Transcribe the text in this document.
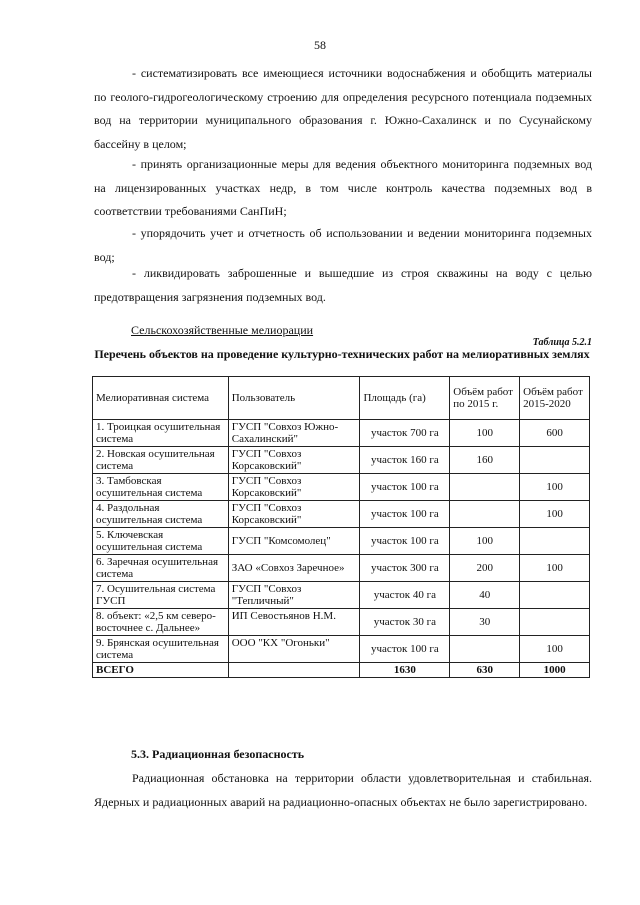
58

- систематизировать все имеющиеся источники водоснабжения и обобщить материалы по геолого-гидрогеологическому строению для определения ресурсного потенциала подземных вод на территории муниципального образования г. Южно-Сахалинск и по Сусунайскому бассейну в целом;

- принять организационные меры для ведения объектного мониторинга подземных вод на лицензированных участках недр, в том числе контроль качества подземных вод в соответствии требованиями СанПиН;

- упорядочить учет и отчетность об использовании и ведении мониторинга подземных вод;

- ликвидировать заброшенные и вышедшие из строя скважины на воду с целью предотвращения загрязнения подземных вод.

Сельскохозяйственные мелиорации

Таблица 5.2.1

Перечень объектов на проведение культурно-технических работ на мелиоративных землях

Мелиоративная система	Пользователь	Площадь (га)	Объём работ по 2015 г.	Объём работ 2015-2020
1. Троицкая осушительная система	ГУСП "Совхоз Южно-Сахалинский"	участок 700 га	100	600
2. Новская осушительная система	ГУСП "Совхоз Корсаковский"	участок 160 га	160	
3. Тамбовская осушительная система	ГУСП "Совхоз Корсаковский"	участок 100 га		100
4. Раздольная осушительная система	ГУСП "Совхоз Корсаковский"	участок 100 га		100
5. Ключевская осушительная система	ГУСП "Комсомолец"	участок 100 га	100	
6. Заречная осушительная система	ЗАО «Совхоз Заречное»	участок 300 га	200	100
7. Осушительная система ГУСП	ГУСП "Совхоз "Тепличный"	участок 40 га	40	
8. объект: «2,5 км северо-восточнее с. Дальнее»	ИП Севостьянов Н.М.	участок 30 га	30	
9. Брянская осушительная система	ООО "КХ "Огоньки"	участок 100 га		100
ВСЕГО		1630	630	1000

5.3. Радиационная безопасность

Радиационная обстановка на территории области удовлетворительная и стабильная. Ядерных и радиационных аварий на радиационно-опасных объектах не было зарегистрировано.
